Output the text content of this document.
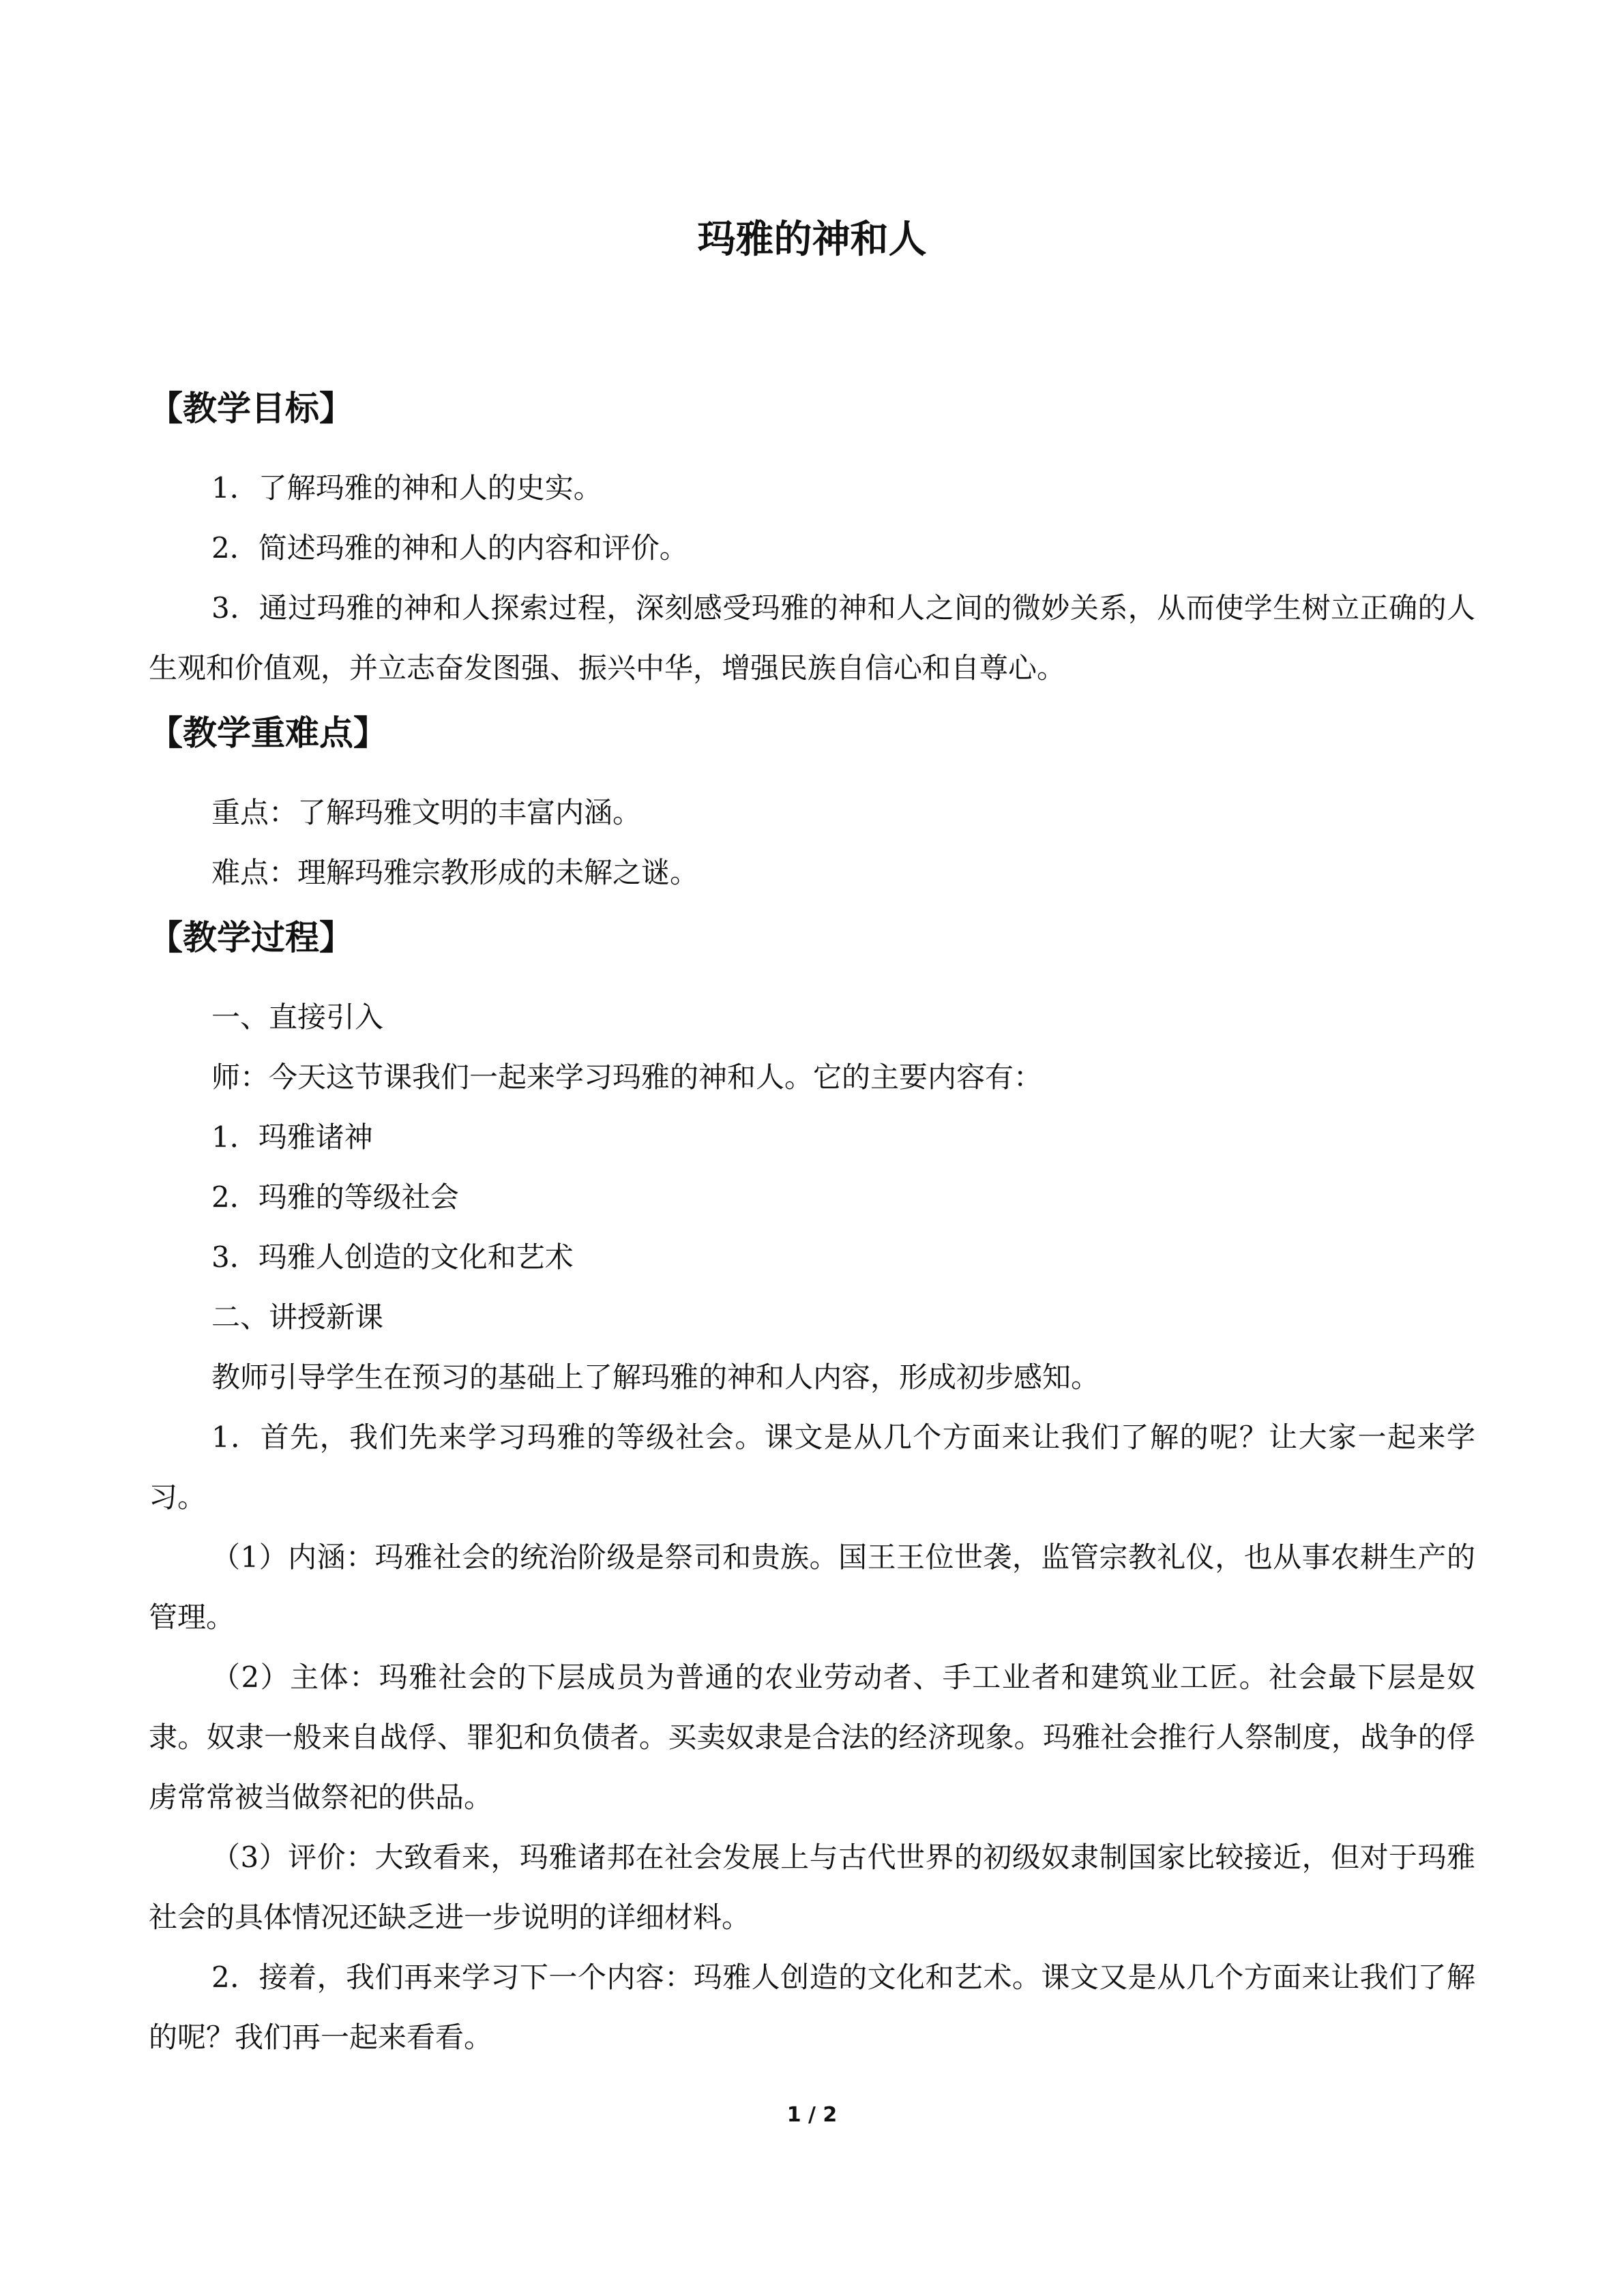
玛雅的神和人
【教学目标】

1．了解玛雅的神和人的史实。

2．简述玛雅的神和人的内容和评价。

3．通过玛雅的神和人探索过程，深刻感受玛雅的神和人之间的微妙关系，从而使学生树立正确的人生观和价值观，并立志奋发图强、振兴中华，增强民族自信心和自尊心。

【教学重难点】

重点：了解玛雅文明的丰富内涵。

难点：理解玛雅宗教形成的未解之谜。

【教学过程】

一、直接引入

师：今天这节课我们一起来学习玛雅的神和人。它的主要内容有：

1．玛雅诸神

2．玛雅的等级社会

3．玛雅人创造的文化和艺术

二、讲授新课

教师引导学生在预习的基础上了解玛雅的神和人内容，形成初步感知。

1．首先，我们先来学习玛雅的等级社会。课文是从几个方面来让我们了解的呢？让大家一起来学习。

（1）内涵：玛雅社会的统治阶级是祭司和贵族。国王王位世袭，监管宗教礼仪，也从事农耕生产的管理。

（2）主体：玛雅社会的下层成员为普通的农业劳动者、手工业者和建筑业工匠。社会最下层是奴隶。奴隶一般来自战俘、罪犯和负债者。买卖奴隶是合法的经济现象。玛雅社会推行人祭制度，战争的俘虏常常被当做祭祀的供品。

（3）评价：大致看来，玛雅诸邦在社会发展上与古代世界的初级奴隶制国家比较接近，但对于玛雅社会的具体情况还缺乏进一步说明的详细材料。

2．接着，我们再来学习下一个内容：玛雅人创造的文化和艺术。课文又是从几个方面来让我们了解的呢？我们再一起来看看。

1 / 2
